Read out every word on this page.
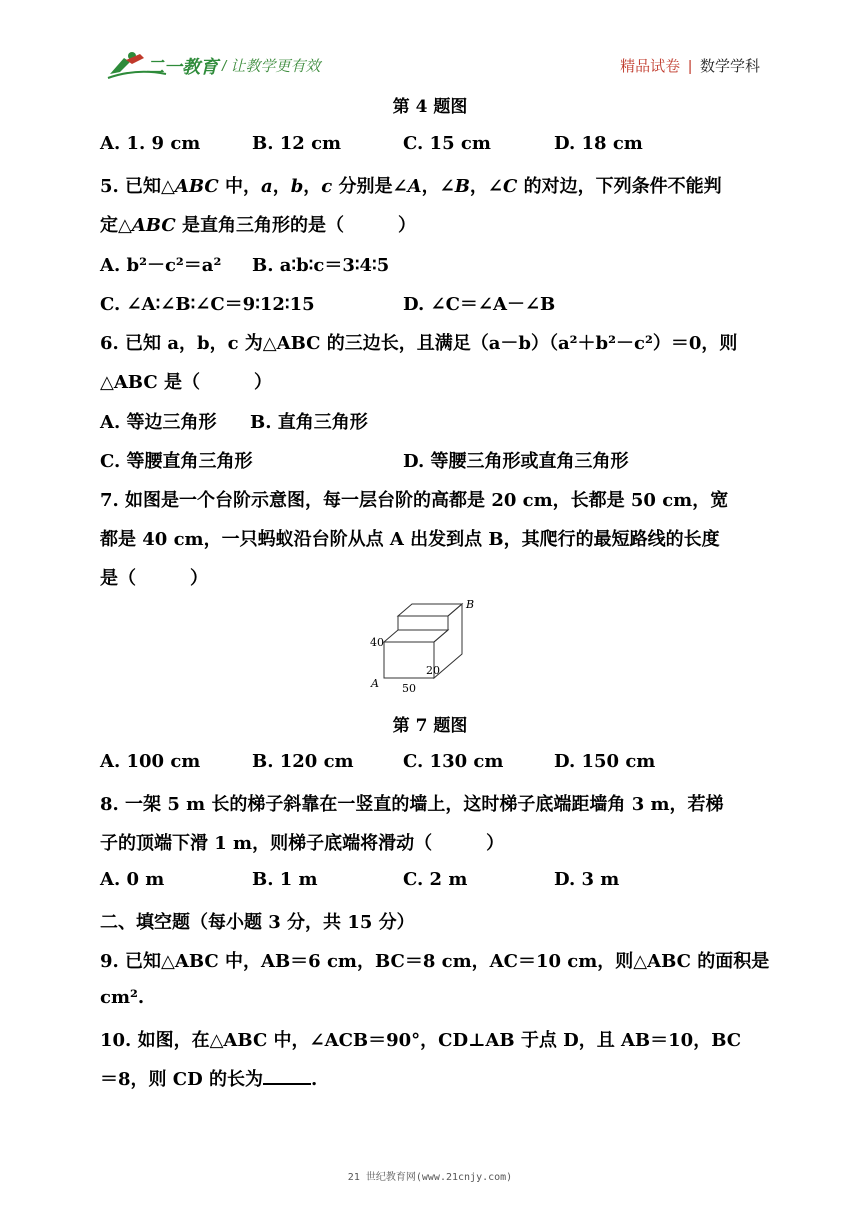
二一教育 / 让教学更有效	精品试卷 | 数学学科
第 4 题图
A. 1. 9 cm	B. 12 cm	C. 15 cm	D. 18 cm
5. 已知△ABC 中，a，b，c 分别是∠A，∠B，∠C 的对边，下列条件不能判
定△ABC 是直角三角形的是（　　　）
A. b²－c²＝a² B. a∶b∶c＝3∶4∶5
C. ∠A∶∠B∶∠C＝9∶12∶15	D. ∠C＝∠A－∠B
6. 已知 a，b，c 为△ABC 的三边长，且满足（a－b）（a²＋b²－c²）＝0，则
△ABC 是（　　　）
A. 等边三角形 B. 直角三角形
C. 等腰直角三角形	D. 等腰三角形或直角三角形
7. 如图是一个台阶示意图，每一层台阶的高都是 20 cm，长都是 50 cm，宽
都是 40 cm，一只蚂蚁沿台阶从点 A 出发到点 B，其爬行的最短路线的长度
是（　　　）
B
40
20
A 50
第 7 题图
A. 100 cm	B. 120 cm	C. 130 cm	D. 150 cm
8. 一架 5 m 长的梯子斜靠在一竖直的墙上，这时梯子底端距墙角 3 m，若梯
子的顶端下滑 1 m，则梯子底端将滑动（　　　）
A. 0 m	B. 1 m	C. 2 m	D. 3 m
二、填空题（每小题 3 分，共 15 分）
9. 已知△ABC 中，AB＝6 cm，BC＝8 cm，AC＝10 cm，则△ABC 的面积是
cm².
10. 如图，在△ABC 中，∠ACB＝90°，CD⊥AB 于点 D，且 AB＝10，BC
＝8，则 CD 的长为	.
21 世纪教育网(www.21cnjy.com)
